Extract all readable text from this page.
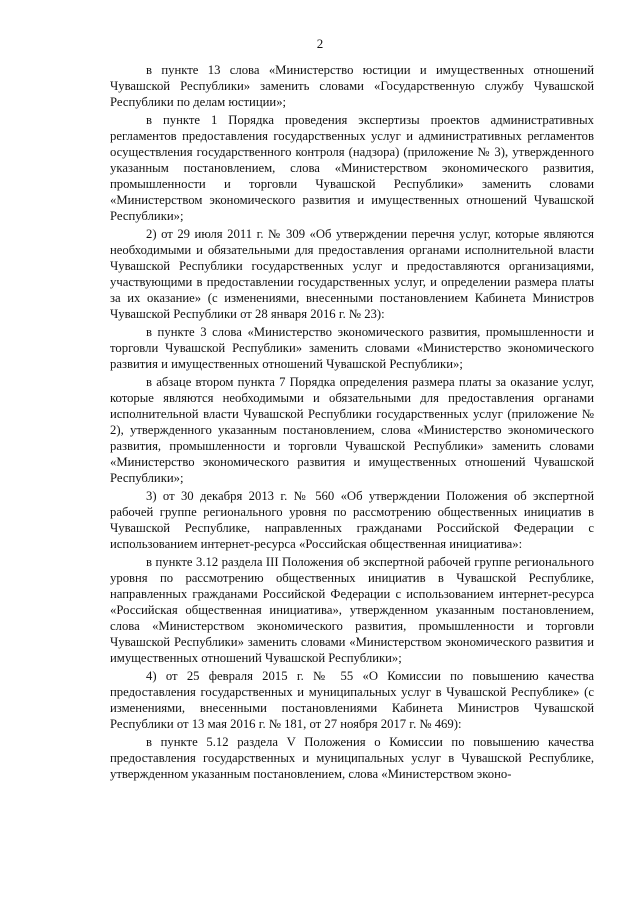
2

в пункте 13 слова «Министерство юстиции и имущественных отношений Чувашской Республики» заменить словами «Государственную службу Чувашской Республики по делам юстиции»;

в пункте 1 Порядка проведения экспертизы проектов административных регламентов предоставления государственных услуг и административных регламентов осуществления государственного контроля (надзора) (приложение № 3), утвержденного указанным постановлением, слова «Министерством экономического развития, промышленности и торговли Чувашской Республики» заменить словами «Министерством экономического развития и имущественных отношений Чувашской Республики»;

2) от 29 июля 2011 г. № 309 «Об утверждении перечня услуг, которые являются необходимыми и обязательными для предоставления органами исполнительной власти Чувашской Республики государственных услуг и предоставляются организациями, участвующими в предоставлении государственных услуг, и определении размера платы за их оказание» (с изменениями, внесенными постановлением Кабинета Министров Чувашской Республики от 28 января 2016 г. № 23):

в пункте 3 слова «Министерство экономического развития, промышленности и торговли Чувашской Республики» заменить словами «Министерство экономического развития и имущественных отношений Чувашской Республики»;

в абзаце втором пункта 7 Порядка определения размера платы за оказание услуг, которые являются необходимыми и обязательными для предоставления органами исполнительной власти Чувашской Республики государственных услуг (приложение № 2), утвержденного указанным постановлением, слова «Министерство экономического развития, промышленности и торговли Чувашской Республики» заменить словами «Министерство экономического развития и имущественных отношений Чувашской Республики»;

3) от 30 декабря 2013 г. № 560 «Об утверждении Положения об экспертной рабочей группе регионального уровня по рассмотрению общественных инициатив в Чувашской Республике, направленных гражданами Российской Федерации с использованием интернет-ресурса «Российская общественная инициатива»:

в пункте 3.12 раздела III Положения об экспертной рабочей группе регионального уровня по рассмотрению общественных инициатив в Чувашской Республике, направленных гражданами Российской Федерации с использованием интернет-ресурса «Российская общественная инициатива», утвержденном указанным постановлением, слова «Министерством экономического развития, промышленности и торговли Чувашской Республики» заменить словами «Министерством экономического развития и имущественных отношений Чувашской Республики»;

4) от 25 февраля 2015 г. № 55 «О Комиссии по повышению качества предоставления государственных и муниципальных услуг в Чувашской Республике» (с изменениями, внесенными постановлениями Кабинета Министров Чувашской Республики от 13 мая 2016 г. № 181, от 27 ноября 2017 г. № 469):

в пункте 5.12 раздела V Положения о Комиссии по повышению качества предоставления государственных и муниципальных услуг в Чувашской Республике, утвержденном указанным постановлением, слова «Министерством эконо-
